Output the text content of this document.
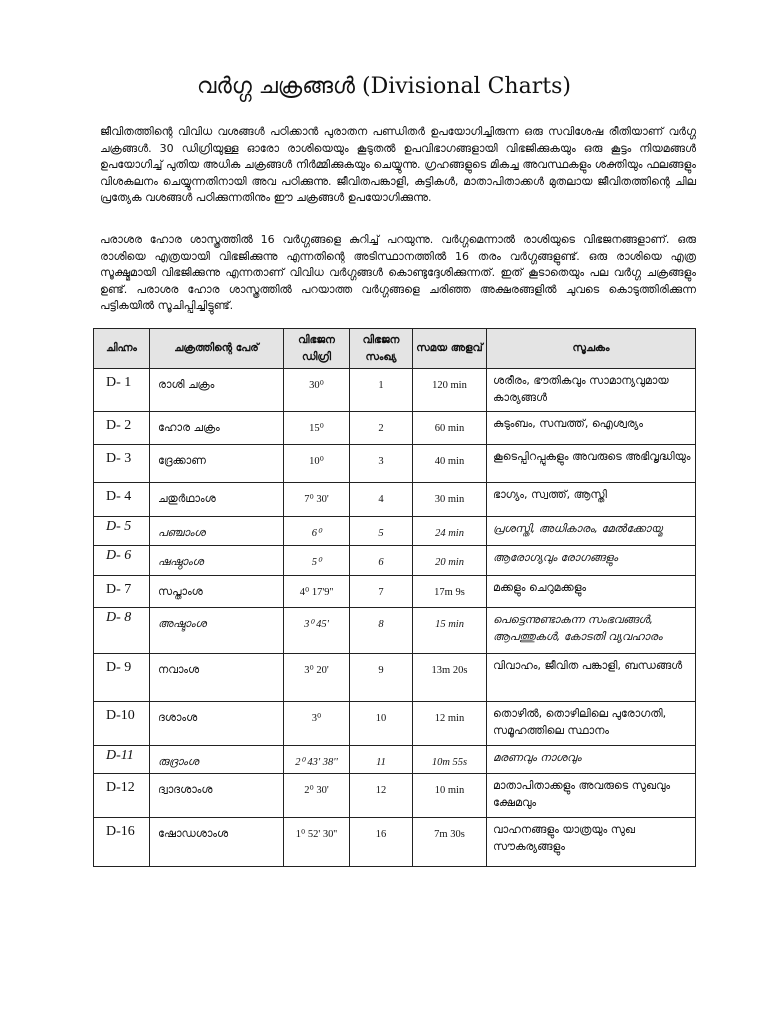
വർഗ്ഗ ചക്രങ്ങൾ (Divisional Charts)

ജീവിതത്തിന്റെ വിവിധ വശങ്ങൾ പഠിക്കാൻ പുരാതന പണ്ഡിതർ ഉപയോഗിച്ചിരുന്ന ഒരു സവിശേഷ രീതിയാണ് വർഗ്ഗ ചക്രങ്ങൾ. 30 ഡിഗ്രിയുള്ള ഓരോ രാശിയെയും കൂടുതൽ ഉപവിഭാഗങ്ങളായി വിഭജിക്കുകയും ഒരു കൂട്ടം നിയമങ്ങൾ ഉപയോഗിച്ച് പുതിയ അധിക ചക്രങ്ങൾ നിർമ്മിക്കുകയും ചെയ്യുന്നു. ഗ്രഹങ്ങളുടെ മികച്ച അവസ്ഥകളും ശക്തിയും ഫലങ്ങളും വിശകലനം ചെയ്യുന്നതിനായി അവ പഠിക്കുന്നു. ജീവിതപങ്കാളി, കുട്ടികൾ, മാതാപിതാക്കൾ മുതലായ ജീവിതത്തിന്റെ ചില പ്രത്യേക വശങ്ങൾ പഠിക്കുന്നതിനും ഈ ചക്രങ്ങൾ ഉപയോഗിക്കുന്നു.

പരാശര ഹോര ശാസ്ത്രത്തിൽ 16 വർഗ്ഗങ്ങളെ കുറിച്ച് പറയുന്നു. വർഗ്ഗമെന്നാൽ രാശിയുടെ വിഭജനങ്ങളാണ്. ഒരു രാശിയെ എത്രയായി വിഭജിക്കുന്നു എന്നതിന്റെ അടിസ്ഥാനത്തിൽ 16 തരം വർഗ്ഗങ്ങളുണ്ട്. ഒരു രാശിയെ എത്ര സൂക്ഷ്മമായി വിഭജിക്കുന്നു എന്നതാണ് വിവിധ വർഗ്ഗങ്ങൾ കൊണ്ടുദ്ദേശിക്കുന്നത്. ഇത് കൂടാതെയും പല വർഗ്ഗ ചക്രങ്ങളും ഉണ്ട്. പരാശര ഹോര ശാസ്ത്രത്തിൽ പറയാത്ത വർഗ്ഗങ്ങളെ ചരിഞ്ഞ അക്ഷരങ്ങളിൽ ചുവടെ കൊടുത്തിരിക്കുന്ന പട്ടികയിൽ സൂചിപ്പിച്ചിട്ടുണ്ട്.

ചിഹ്നം	ചക്രത്തിന്റെ പേര്	വിഭജന ഡിഗ്രി	വിഭജന സംഖ്യ	സമയ അളവ്	സൂചകം
D- 1	രാശി ചക്രം	30⁰	1	120 min	ശരീരം, ഭൗതികവും സാമാന്യവുമായ കാര്യങ്ങൾ
D- 2	ഹോര ചക്രം	15⁰	2	60 min	കുടുംബം, സമ്പത്ത്, ഐശ്വര്യം
D- 3	ദ്രേക്കാണ	10⁰	3	40 min	കൂടെപ്പിറപ്പുകളും അവരുടെ അഭിവൃദ്ധിയും
D- 4	ചതുർഥാംശ	7⁰ 30'	4	30 min	ഭാഗ്യം, സ്വത്ത്, ആസ്തി
D- 5	പഞ്ചാംശ	6⁰	5	24 min	പ്രശസ്തി, അധികാരം, മേൽക്കോയ്മ
D- 6	ഷഷ്ഠാംശ	5⁰	6	20 min	ആരോഗ്യവും രോഗങ്ങളും
D- 7	സപ്താംശ	4⁰ 17'9''	7	17m 9s	മക്കളും ചെറുമക്കളും
D- 8	അഷ്ടാംശ	3⁰ 45'	8	15 min	പെട്ടെന്നുണ്ടാകുന്ന സംഭവങ്ങൾ, ആപത്തുകൾ, കോടതി വ്യവഹാരം
D- 9	നവാംശ	3⁰ 20'	9	13m 20s	വിവാഹം, ജീവിത പങ്കാളി, ബന്ധങ്ങൾ
D-10	ദശാംശ	3⁰	10	12 min	തൊഴിൽ, തൊഴിലിലെ പുരോഗതി, സമൂഹത്തിലെ സ്ഥാനം
D-11	രുദ്രാംശ	2⁰ 43' 38''	11	10m 55s	മരണവും നാശവും
D-12	ദ്വാദശാംശ	2⁰ 30'	12	10 min	മാതാപിതാക്കളും അവരുടെ സുഖവും ക്ഷേമവും
D-16	ഷോഡശാംശ	1⁰ 52' 30''	16	7m 30s	വാഹനങ്ങളും യാത്രയും സുഖ സൗകര്യങ്ങളും
